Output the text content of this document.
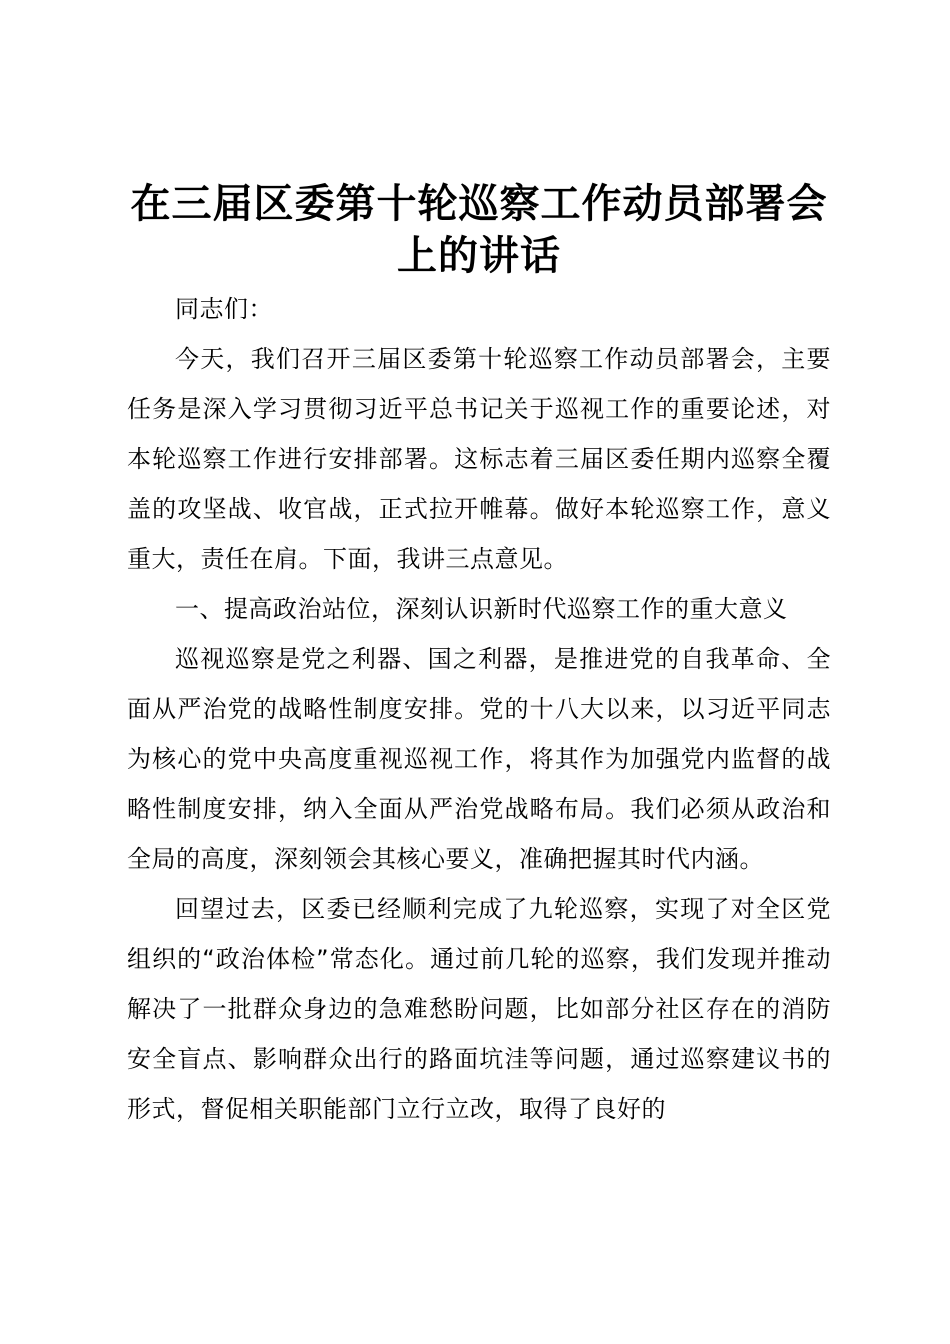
在三届区委第十轮巡察工作动员部署会上的讲话

同志们：

今天，我们召开三届区委第十轮巡察工作动员部署会，主要任务是深入学习贯彻习近平总书记关于巡视工作的重要论述，对本轮巡察工作进行安排部署。这标志着三届区委任期内巡察全覆盖的攻坚战、收官战，正式拉开帷幕。做好本轮巡察工作，意义重大，责任在肩。下面，我讲三点意见。

一、提高政治站位，深刻认识新时代巡察工作的重大意义

巡视巡察是党之利器、国之利器，是推进党的自我革命、全面从严治党的战略性制度安排。党的十八大以来，以习近平同志为核心的党中央高度重视巡视工作，将其作为加强党内监督的战略性制度安排，纳入全面从严治党战略布局。我们必须从政治和全局的高度，深刻领会其核心要义，准确把握其时代内涵。

回望过去，区委已经顺利完成了九轮巡察，实现了对全区党组织的“政治体检”常态化。通过前几轮的巡察，我们发现并推动解决了一批群众身边的急难愁盼问题，比如部分社区存在的消防安全盲点、影响群众出行的路面坑洼等问题，通过巡察建议书的形式，督促相关职能部门立行立改，取得了良好的
